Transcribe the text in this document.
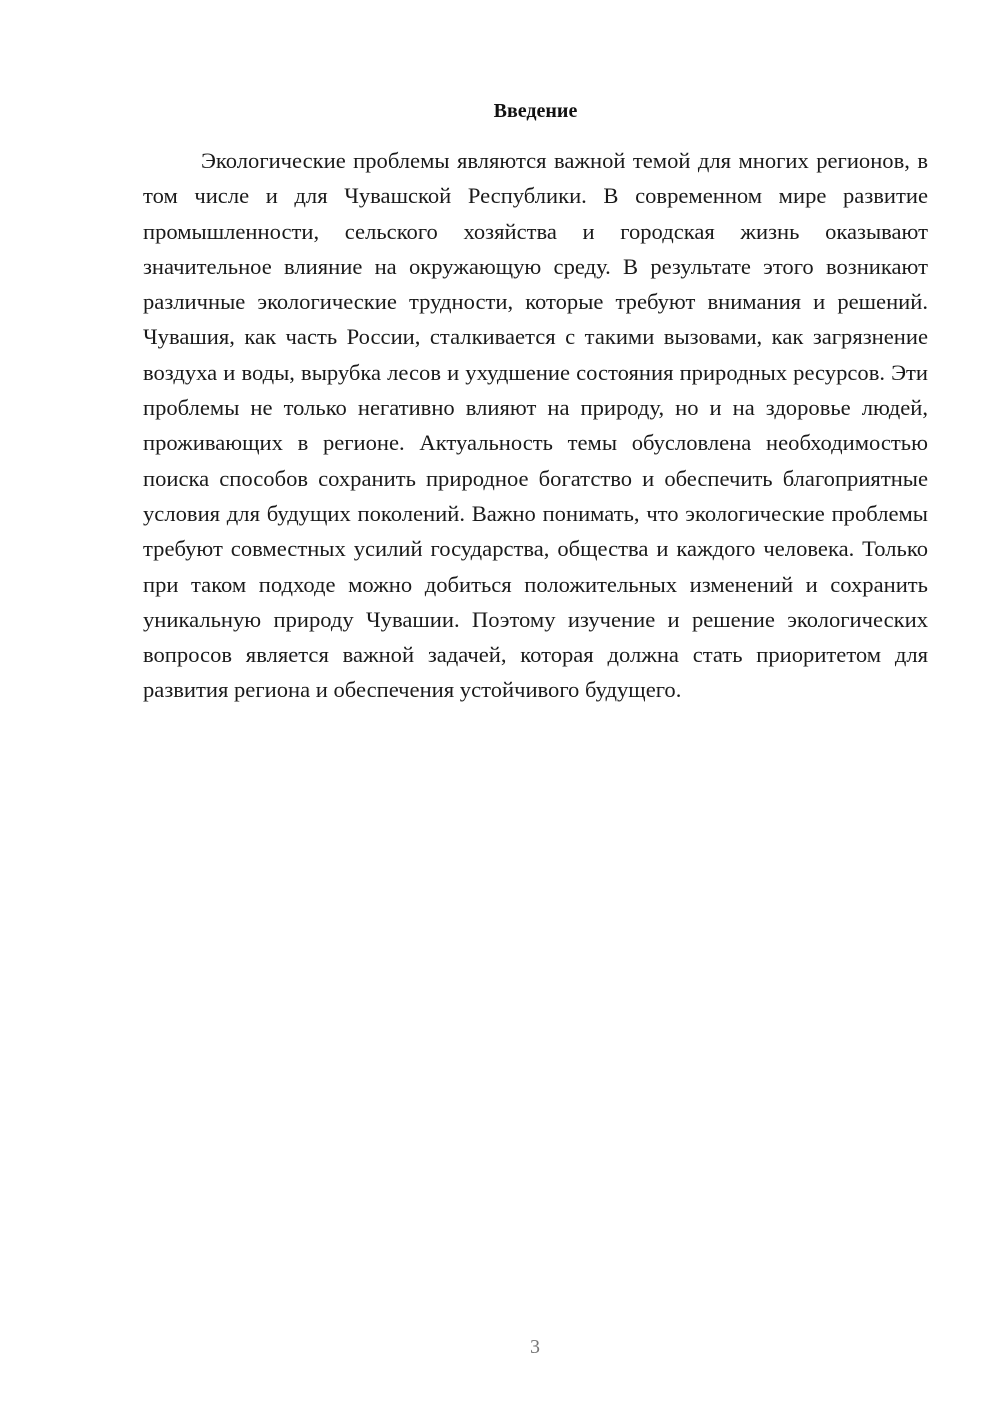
Введение

Экологические проблемы являются важной темой для многих регионов, в том числе и для Чувашской Республики. В современном мире развитие промышленности, сельского хозяйства и городская жизнь оказывают значительное влияние на окружающую среду. В результате этого возникают различные экологические трудности, которые требуют внимания и решений. Чувашия, как часть России, сталкивается с такими вызовами, как загрязнение воздуха и воды, вырубка лесов и ухудшение состояния природных ресурсов. Эти проблемы не только негативно влияют на природу, но и на здоровье людей, проживающих в регионе. Актуальность темы обусловлена необходимостью поиска способов сохранить природное богатство и обеспечить благоприятные условия для будущих поколений. Важно понимать, что экологические проблемы требуют совместных усилий государства, общества и каждого человека. Только при таком подходе можно добиться положительных изменений и сохранить уникальную природу Чувашии. Поэтому изучение и решение экологических вопросов является важной задачей, которая должна стать приоритетом для развития региона и обеспечения устойчивого будущего.

3
